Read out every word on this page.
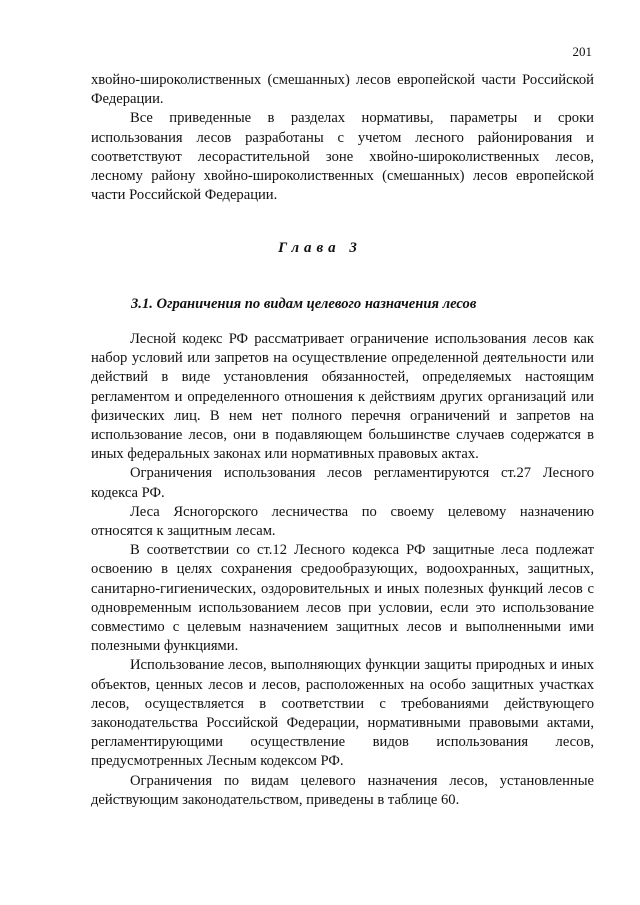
201

хвойно-широколиственных (смешанных) лесов европейской части Российской Федерации.

Все приведенные в разделах нормативы, параметры и сроки использования лесов разработаны с учетом лесного районирования и соответствуют лесорастительной зоне хвойно-широколиственных лесов, лесному району хвойно-широколиственных (смешанных) лесов европейской части Российской Федерации.

Глава 3
3.1. Ограничения по видам целевого назначения лесов

Лесной кодекс РФ рассматривает ограничение использования лесов как набор условий или запретов на осуществление определенной деятельности или действий в виде установления обязанностей, определяемых настоящим регламентом и определенного отношения к действиям других организаций или физических лиц. В нем нет полного перечня ограничений и запретов на использование лесов, они в подавляющем большинстве случаев содержатся в иных федеральных законах или нормативных правовых актах.

Ограничения использования лесов регламентируются ст.27 Лесного кодекса РФ.

Леса Ясногорского лесничества по своему целевому назначению относятся к защитным лесам.

В соответствии со ст.12 Лесного кодекса РФ защитные леса подлежат освоению в целях сохранения средообразующих, водоохранных, защитных, санитарно-гигиенических, оздоровительных и иных полезных функций лесов с одновременным использованием лесов при условии, если это использование совместимо с целевым назначением защитных лесов и выполненными ими полезными функциями.

Использование лесов, выполняющих функции защиты природных и иных объектов, ценных лесов и лесов, расположенных на особо защитных участках лесов, осуществляется в соответствии с требованиями действующего законодательства Российской Федерации, нормативными правовыми актами, регламентирующими осуществление видов использования лесов, предусмотренных Лесным кодексом РФ.

Ограничения по видам целевого назначения лесов, установленные действующим законодательством, приведены в таблице 60.
